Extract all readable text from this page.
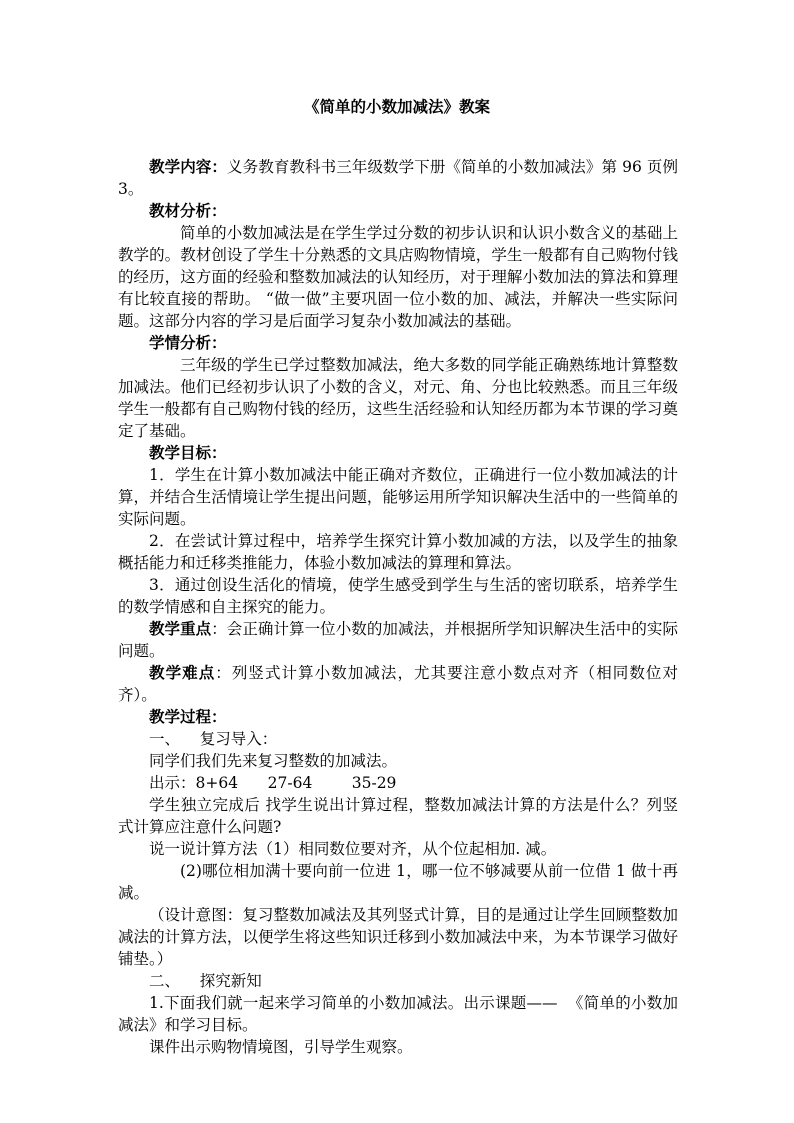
《简单的小数加减法》教案

教学内容：义务教育教科书三年级数学下册《简单的小数加减法》第 96 页例 3。

教材分析：

简单的小数加减法是在学生学过分数的初步认识和认识小数含义的基础上教学的。教材创设了学生十分熟悉的文具店购物情境，学生一般都有自己购物付钱的经历，这方面的经验和整数加减法的认知经历，对于理解小数加法的算法和算理有比较直接的帮助。 “做一做”主要巩固一位小数的加、减法，并解决一些实际问题。这部分内容的学习是后面学习复杂小数加减法的基础。

学情分析：

三年级的学生已学过整数加减法，绝大多数的同学能正确熟练地计算整数加减法。他们已经初步认识了小数的含义，对元、角、分也比较熟悉。而且三年级学生一般都有自己购物付钱的经历，这些生活经验和认知经历都为本节课的学习奠定了基础。

教学目标：

1．学生在计算小数加减法中能正确对齐数位，正确进行一位小数加减法的计算，并结合生活情境让学生提出问题，能够运用所学知识解决生活中的一些简单的实际问题。

2．在尝试计算过程中，培养学生探究计算小数加减的方法，以及学生的抽象概括能力和迁移类推能力，体验小数加减法的算理和算法。

3．通过创设生活化的情境，使学生感受到学生与生活的密切联系，培养学生的数学情感和自主探究的能力。

教学重点：会正确计算一位小数的加减法，并根据所学知识解决生活中的实际问题。

教学难点：列竖式计算小数加减法，尤其要注意小数点对齐（相同数位对齐）。

教学过程：

一、    复习导入：

同学们我们先来复习整数的加减法。

出示：8+64      27-64        35-29

学生独立完成后 找学生说出计算过程，整数加减法计算的方法是什么？列竖式计算应注意什么问题?

说一说计算方法（1）相同数位要对齐，从个位起相加. 减。

(2)哪位相加满十要向前一位进 1，哪一位不够减要从前一位借 1 做十再减。

（设计意图：复习整数加减法及其列竖式计算，目的是通过让学生回顾整数加减法的计算方法，以便学生将这些知识迁移到小数加减法中来，为本节课学习做好铺垫。）

二、    探究新知

1.下面我们就一起来学习简单的小数加减法。出示课题——  《简单的小数加减法》和学习目标。

课件出示购物情境图，引导学生观察。
